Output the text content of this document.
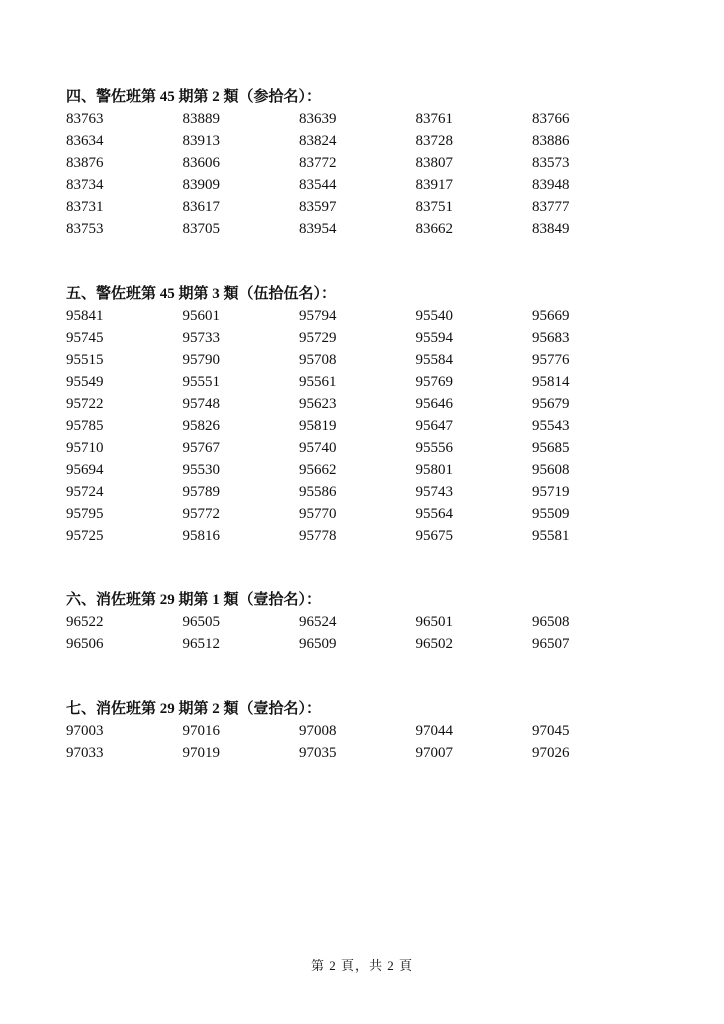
四、警佐班第 45 期第 2 類（参拾名）：
83763	83889	83639	83761	83766
83634	83913	83824	83728	83886
83876	83606	83772	83807	83573
83734	83909	83544	83917	83948
83731	83617	83597	83751	83777
83753	83705	83954	83662	83849
五、警佐班第 45 期第 3 類（伍拾伍名）：
95841	95601	95794	95540	95669
95745	95733	95729	95594	95683
95515	95790	95708	95584	95776
95549	95551	95561	95769	95814
95722	95748	95623	95646	95679
95785	95826	95819	95647	95543
95710	95767	95740	95556	95685
95694	95530	95662	95801	95608
95724	95789	95586	95743	95719
95795	95772	95770	95564	95509
95725	95816	95778	95675	95581
六、消佐班第 29 期第 1 類（壹拾名）：
96522	96505	96524	96501	96508
96506	96512	96509	96502	96507
七、消佐班第 29 期第 2 類（壹拾名）：
97003	97016	97008	97044	97045
97033	97019	97035	97007	97026
第 2 頁，共 2 頁
